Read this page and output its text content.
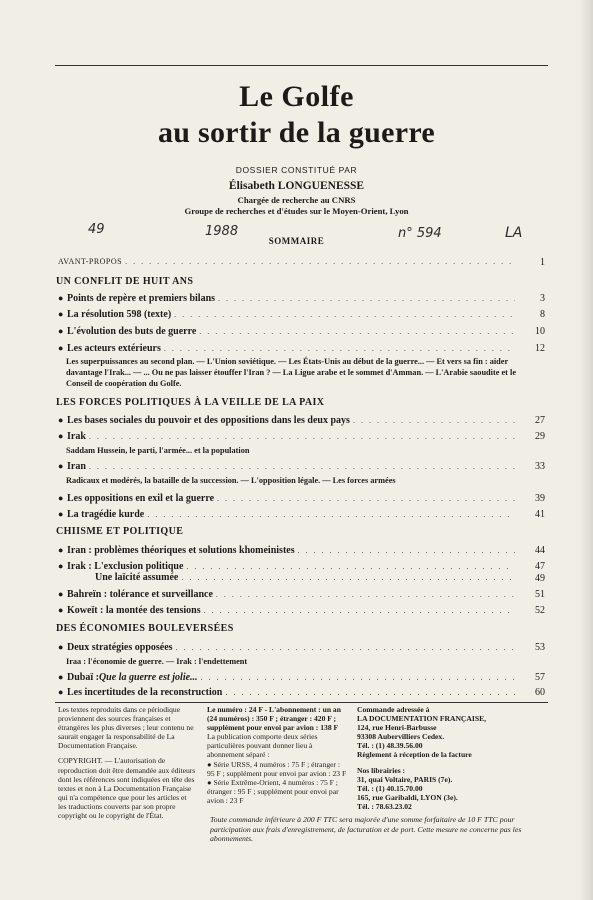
Le Golfe
au sortir de la guerre
DOSSIER CONSTITUÉ PAR
Élisabeth LONGUENESSE
Chargée de recherche au CNRS
Groupe de recherches et d'études sur le Moyen-Orient, Lyon
49	1988	n° 594	LA
SOMMAIRE
AVANT-PROPOS . . .	1
UN CONFLIT DE HUIT ANS
● Points de repère et premiers bilans . . .	3
● La résolution 598 (texte) . . .	8
● L'évolution des buts de guerre . . .	10
● Les acteurs extérieurs . . .	12
Les superpuissances au second plan. — L'Union soviétique. — Les États-Unis au début de la guerre... — Et vers sa fin : aider davantage l'Irak... — ... Ou ne pas laisser étouffer l'Iran ? — La Ligue arabe et le sommet d'Amman. — L'Arabie saoudite et le Conseil de coopération du Golfe.
LES FORCES POLITIQUES À LA VEILLE DE LA PAIX
● Les bases sociales du pouvoir et des oppositions dans les deux pays . . .	27
● Irak . . .	29
Saddam Hussein, le parti, l'armée... et la population
● Iran . . .	33
Radicaux et modérés, la bataille de la succession. — L'opposition légale. — Les forces armées
● Les oppositions en exil et la guerre . . .	39
● La tragédie kurde . . .	41
CHIISME ET POLITIQUE
● Iran : problèmes théoriques et solutions khomeinistes . . .	44
● Irak : L'exclusion politique . . .	47
Une laïcité assumée . . .	49
● Bahreïn : tolérance et surveillance . . .	51
● Koweït : la montée des tensions . . .	52
DES ÉCONOMIES BOULEVERSÉES
● Deux stratégies opposées . . .	53
Iraa : l'économie de guerre. — Irak : l'endettement
● Dubaï : Que la guerre est jolie... . . .	57
● Les incertitudes de la reconstruction . . .	60

Les textes reproduits dans ce périodique proviennent des sources françaises et étrangères les plus diverses ; leur contenu ne saurait engager la responsabilité de La Documentation Française.

COPYRIGHT. — L'autorisation de reproduction doit être demandée aux éditeurs dont les références sont indiquées en tête des textes et non à La Documentation Française qui n'a compétence que pour les articles et les traductions couverts par son propre copyright ou le copyright de l'État.

Le numéro : 24 F - L'abonnement : un an (24 numéros) : 350 F ; étranger : 420 F ; supplément pour envoi par avion : 138 F

La publication comporte deux séries particulières pouvant donner lieu à abonnement séparé :

● Série URSS, 4 numéros : 75 F ; étranger : 95 F ; supplément pour envoi par avion : 23 F

● Série Extrême-Orient, 4 numéros : 75 F ; étranger : 95 F ; supplément pour envoi par avion : 23 F

Commande adressée à
LA DOCUMENTATION FRANÇAISE,
124, rue Henri-Barbusse
93308 Aubervilliers Cedex.
Tél. : (1) 48.39.56.00
Règlement à réception de la facture
Nos librairies :
31, quai Voltaire, PARIS (7e).
Tél. : (1) 40.15.70.00
165, rue Garibaldi, LYON (3e).
Tél. : 78.63.23.02
Toute commande inférieure à 200 F TTC sera majorée d'une somme forfaitaire de 10 F TTC pour participation aux frais d'enregistrement, de facturation et de port. Cette mesure ne concerne pas les abonnements.
